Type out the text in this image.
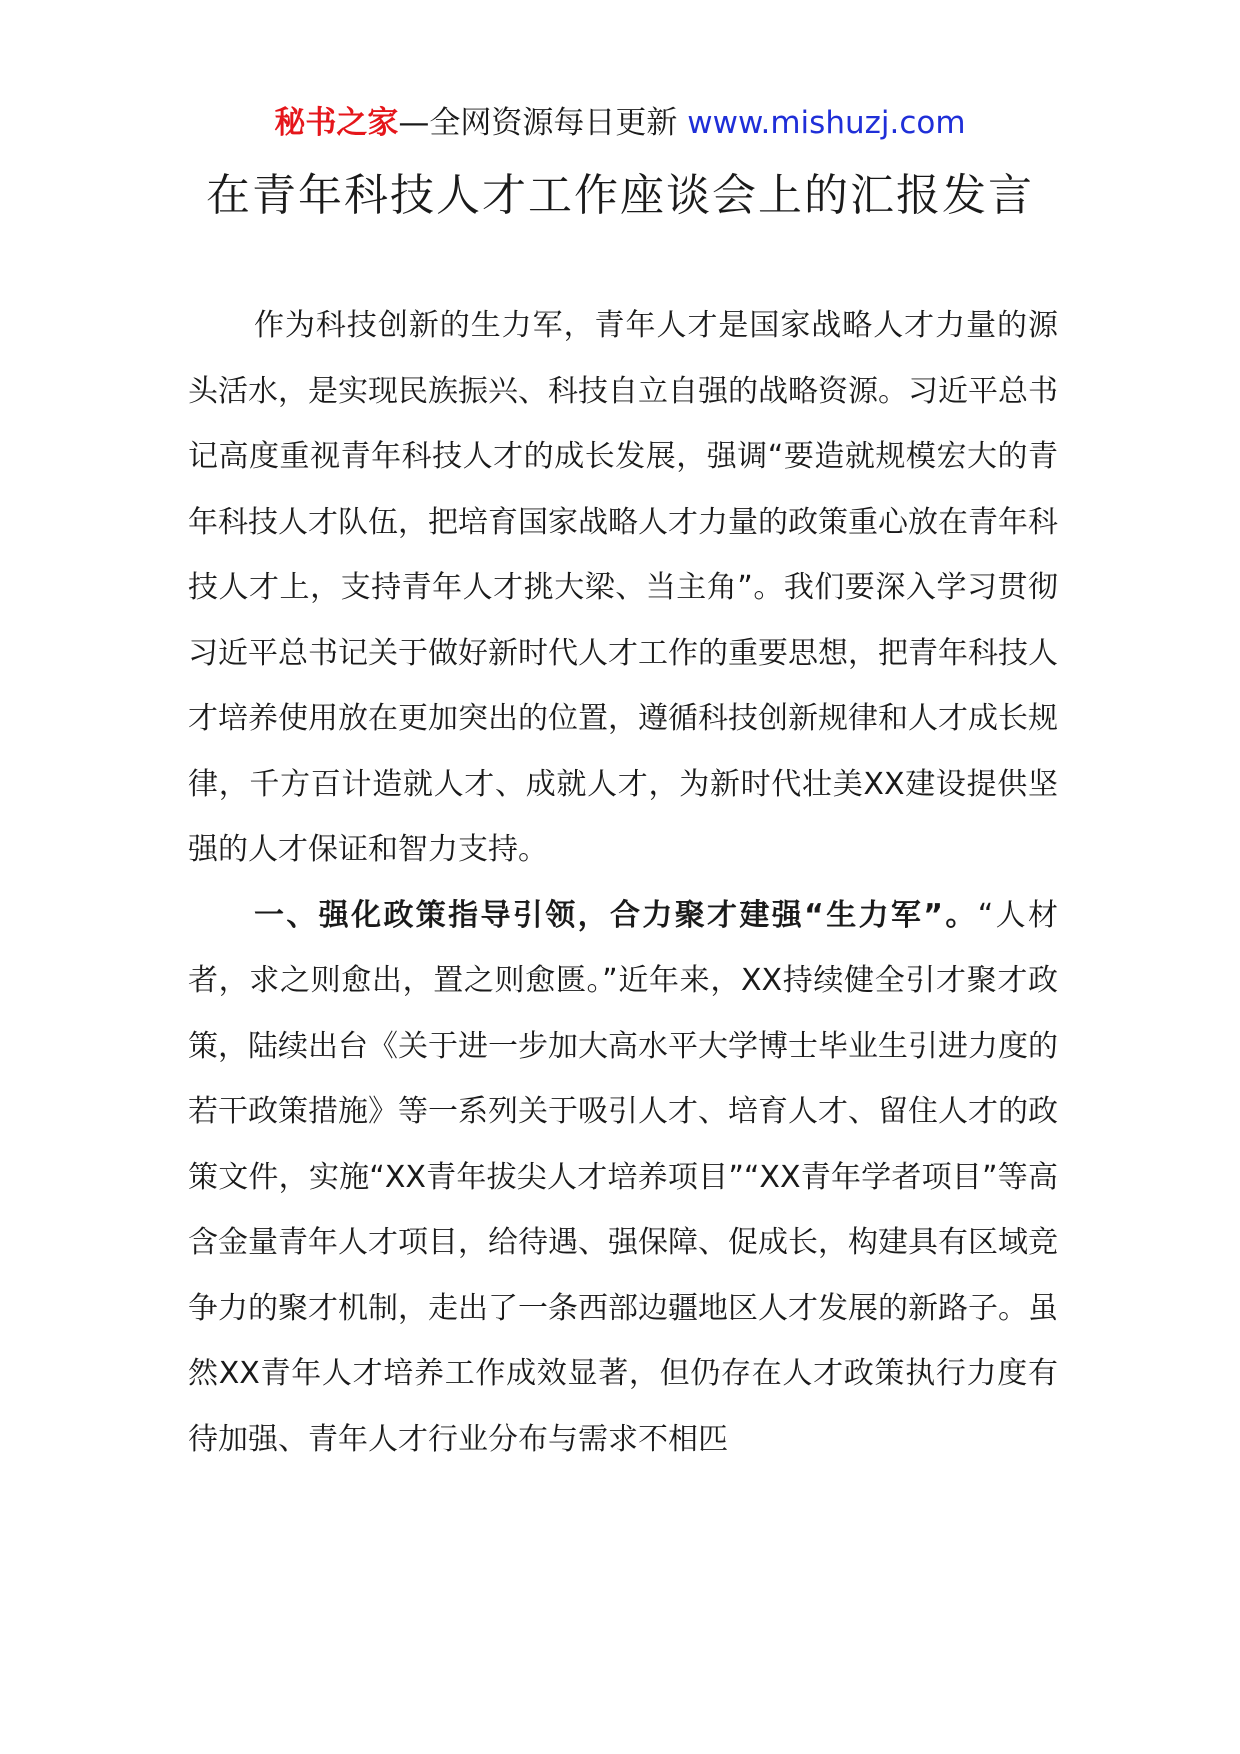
秘书之家—全网资源每日更新 www.mishuzj.com
在青年科技人才工作座谈会上的汇报发言

作为科技创新的生力军，青年人才是国家战略人才力量的源头活水，是实现民族振兴、科技自立自强的战略资源。习近平总书记高度重视青年科技人才的成长发展，强调“要造就规模宏大的青年科技人才队伍，把培育国家战略人才力量的政策重心放在青年科技人才上，支持青年人才挑大梁、当主角”。我们要深入学习贯彻习近平总书记关于做好新时代人才工作的重要思想，把青年科技人才培养使用放在更加突出的位置，遵循科技创新规律和人才成长规律，千方百计造就人才、成就人才，为新时代壮美XX建设提供坚强的人才保证和智力支持。

一、强化政策指导引领，合力聚才建强“生力军”。“人材者，求之则愈出，置之则愈匮。”近年来，XX持续健全引才聚才政策，陆续出台《关于进一步加大高水平大学博士毕业生引进力度的若干政策措施》等一系列关于吸引人才、培育人才、留住人才的政策文件，实施“XX青年拔尖人才培养项目”“XX青年学者项目”等高含金量青年人才项目，给待遇、强保障、促成长，构建具有区域竞争力的聚才机制，走出了一条西部边疆地区人才发展的新路子。虽然XX青年人才培养工作成效显著，但仍存在人才政策执行力度有待加强、青年人才行业分布与需求不相匹
